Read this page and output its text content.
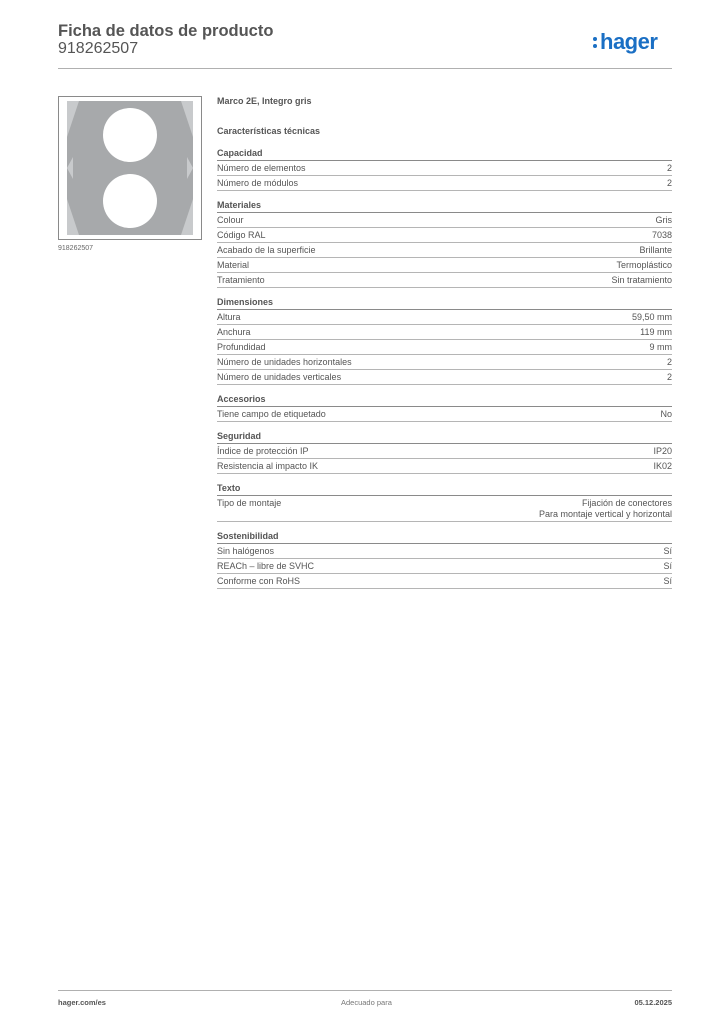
Ficha de datos de producto
918262507	hager
918262507
Marco 2E, Integro gris
Características técnicas
Capacidad
Número de elementos	2
Número de módulos	2
Materiales
Colour	Gris
Código RAL	7038
Acabado de la superficie	Brillante
Material	Termoplástico
Tratamiento	Sin tratamiento
Dimensiones
Altura	59,50 mm
Anchura	119 mm
Profundidad	9 mm
Número de unidades horizontales	2
Número de unidades verticales	2
Accesorios
Tiene campo de etiquetado	No
Seguridad
Índice de protección IP	IP20
Resistencia al impacto IK	IK02
Texto
Tipo de montaje	Fijación de conectores
Para montaje vertical y horizontal
Sostenibilidad
Sin halógenos	Sí
REACh – libre de SVHC	Sí
Conforme con RoHS	Sí
hager.com/es	Adecuado para	05.12.2025
